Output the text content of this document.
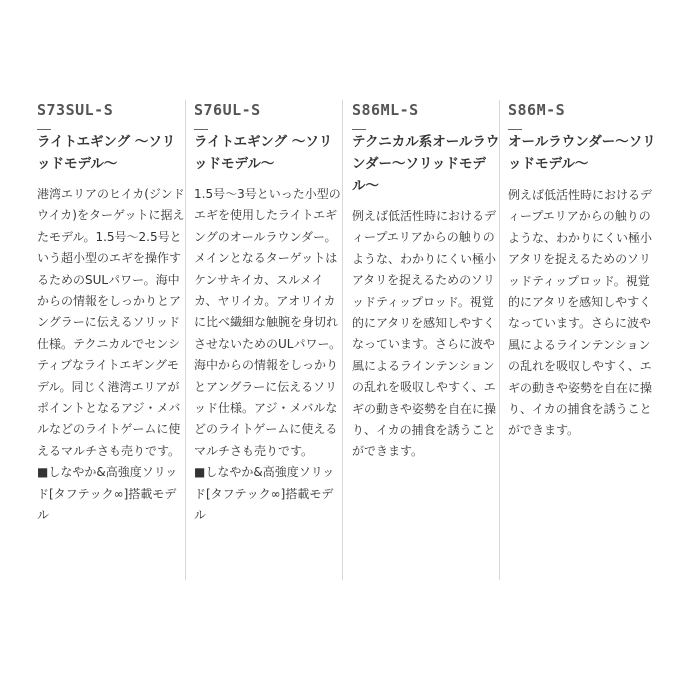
S73SUL-S
ライトエギング 〜ソリッドモデル〜

港湾エリアのヒイカ(ジンドウイカ)をターゲットに据えたモデル。1.5号〜2.5号という超小型のエギを操作するためのSULパワー。海中からの情報をしっかりとアングラーに伝えるソリッド仕様。テクニカルでセンシティブなライトエギングモデル。同じく港湾エリアがポイントとなるアジ・メバルなどのライトゲームに使えるマルチさも売りです。
■しなやか&高強度ソリッド[タフテック∞]搭載モデル

S76UL-S
ライトエギング 〜ソリッドモデル〜

1.5号〜3号といった小型のエギを使用したライトエギングのオールラウンダー。メインとなるターゲットはケンサキイカ、スルメイカ、ヤリイカ。アオリイカに比べ繊細な触腕を身切れさせないためのULパワー。海中からの情報をしっかりとアングラーに伝えるソリッド仕様。アジ・メバルなどのライトゲームに使えるマルチさも売りです。
■しなやか&高強度ソリッド[タフテック∞]搭載モデル

S86ML-S
テクニカル系オールラウンダー〜ソリッドモデル〜

例えば低活性時におけるディープエリアからの触りのような、わかりにくい極小アタリを捉えるためのソリッドティップロッド。視覚的にアタリを感知しやすくなっています。さらに波や風によるラインテンションの乱れを吸収しやすく、エギの動きや姿勢を自在に操り、イカの捕食を誘うことができます。

S86M-S
オールラウンダー〜ソリッドモデル〜

例えば低活性時におけるディープエリアからの触りのような、わかりにくい極小アタリを捉えるためのソリッドティップロッド。視覚的にアタリを感知しやすくなっています。さらに波や風によるラインテンションの乱れを吸収しやすく、エギの動きや姿勢を自在に操り、イカの捕食を誘うことができます。
